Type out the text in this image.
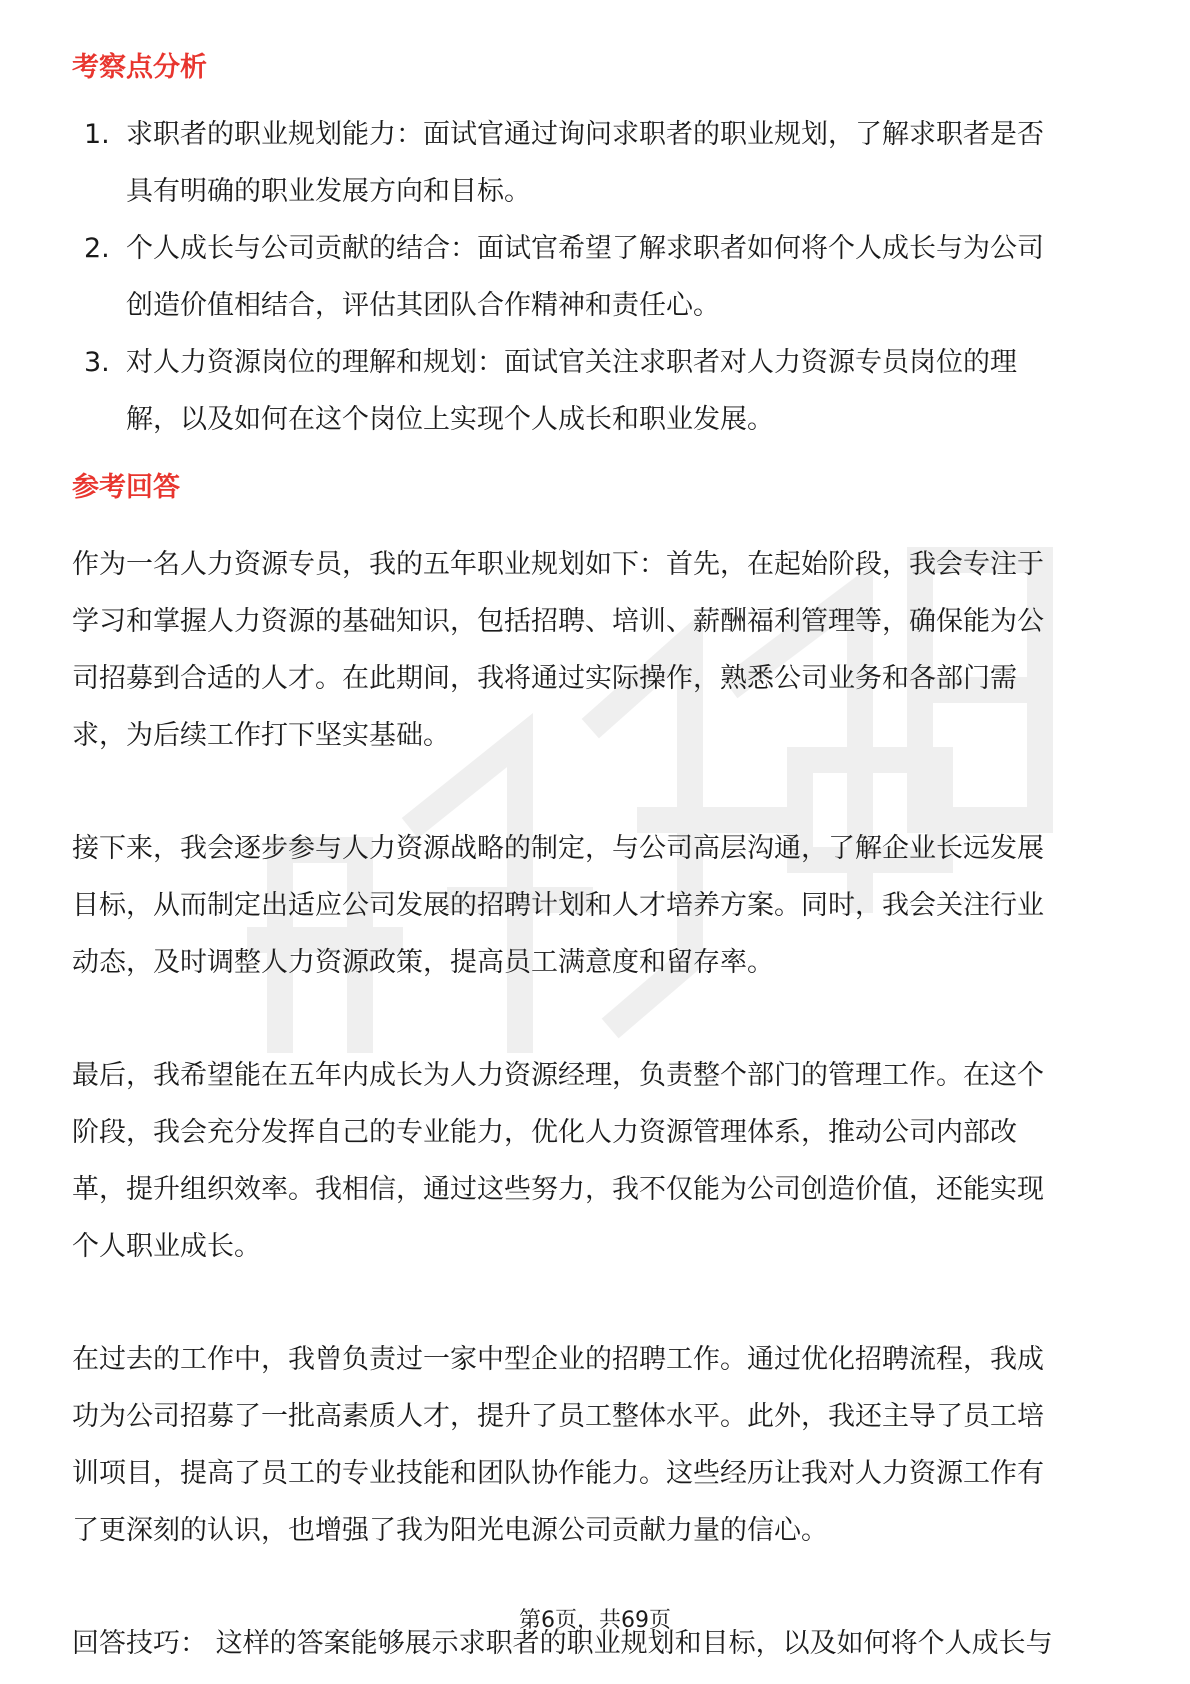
考察点分析
1. 求职者的职业规划能力：面试官通过询问求职者的职业规划，了解求职者是否
具有明确的职业发展方向和目标。
2. 个人成长与公司贡献的结合：面试官希望了解求职者如何将个人成长与为公司
创造价值相结合，评估其团队合作精神和责任心。
3. 对人力资源岗位的理解和规划：面试官关注求职者对人力资源专员岗位的理
解，以及如何在这个岗位上实现个人成长和职业发展。
参考回答
作为一名人力资源专员，我的五年职业规划如下：首先，在起始阶段，我会专注于
学习和掌握人力资源的基础知识，包括招聘、培训、薪酬福利管理等，确保能为公
司招募到合适的人才。在此期间，我将通过实际操作，熟悉公司业务和各部门需
求，为后续工作打下坚实基础。
接下来，我会逐步参与人力资源战略的制定，与公司高层沟通，了解企业长远发展
目标，从而制定出适应公司发展的招聘计划和人才培养方案。同时，我会关注行业
动态，及时调整人力资源政策，提高员工满意度和留存率。
最后，我希望能在五年内成长为人力资源经理，负责整个部门的管理工作。在这个
阶段，我会充分发挥自己的专业能力，优化人力资源管理体系，推动公司内部改
革，提升组织效率。我相信，通过这些努力，我不仅能为公司创造价值，还能实现
个人职业成长。
在过去的工作中，我曾负责过一家中型企业的招聘工作。通过优化招聘流程，我成
功为公司招募了一批高素质人才，提升了员工整体水平。此外，我还主导了员工培
训项目，提高了员工的专业技能和团队协作能力。这些经历让我对人力资源工作有
了更深刻的认识，也增强了我为阳光电源公司贡献力量的信心。
回答技巧： 这样的答案能够展示求职者的职业规划和目标，以及如何将个人成长与
第6页，共69页
